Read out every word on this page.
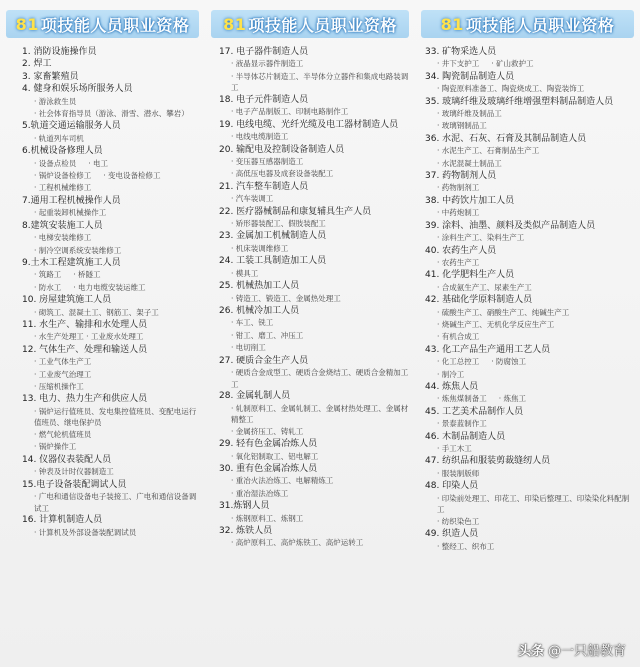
81 项技能人员职业资格
1. 消防设施操作员
2. 焊工
3. 家畜繁殖员
4. 健身和娱乐场所服务人员
· 游泳救生员
· 社会体育指导员（游泳、滑雪、潜水、攀岩）
5.轨道交通运输服务人员
· 轨道列车司机
6.机械设备修理人员
· 设备点检员 · 电工
· 锅炉设备检修工 · 变电设备检修工
· 工程机械维修工
7.通用工程机械操作人员
· 起重装卸机械操作工
8.建筑安装施工人员
· 电梯安装维修工
· 制冷空调系统安装维修工
9.土木工程建筑施工人员
· 筑路工 · 桥隧工
· 防水工 · 电力电缆安装运维工
10. 房屋建筑施工人员
· 砌筑工、混凝土工、钢筋工、架子工
11. 水生产、输排和水处理人员
· 水生产处理工 · 工业废水处理工
12. 气体生产、处理和输送人员
· 工业气体生产工
· 工业废气治理工
· 压缩机操作工
13. 电力、热力生产和供应人员
· 锅炉运行值班员、发电集控值班员、变配电运行值班员、继电保护员
· 燃气轮机值班员
· 锅炉操作工
14. 仪器仪表装配人员
· 钟表及计时仪器制造工
15.电子设备装配调试人员
· 广电和通信设备电子装接工、广电和通信设备调试工
16. 计算机制造人员
· 计算机及外部设备装配调试员
81 项技能人员职业资格
17. 电子器件制造人员
· 液晶显示器件制造工
· 半导体芯片制造工、半导体分立器件和集成电路装调工
18. 电子元件制造人员
· 电子产品制版工、印制电路制作工
19. 电线电缆、光纤光缆及电工器材制造人员
· 电线电缆制造工
20. 输配电及控制设备制造人员
· 变压器互感器制造工
· 高低压电器及成套设备装配工
21. 汽车整车制造人员
· 汽车装调工
22. 医疗器械制品和康复辅具生产人员
· 矫形器装配工、假肢装配工
23. 金属加工机械制造人员
· 机床装调维修工
24. 工装工具制造加工人员
· 模具工
25. 机械热加工人员
· 铸造工、锻造工、金属热处理工
26. 机械冷加工人员
· 车工、铣工
· 钳工、磨工、冲压工
· 电切削工
27. 硬质合金生产人员
· 硬质合金成型工、硬质合金烧结工、硬质合金精加工工
28. 金属轧制人员
· 轧制原料工、金属轧制工、金属材热处理工、金属材精整工
· 金属挤压工、铸轧工
29. 轻有色金属冶炼人员
· 氧化铝制取工、铝电解工
30. 重有色金属冶炼人员
· 重冶火法冶炼工、电解精炼工
· 重冶湿法冶炼工
31.炼钢人员
· 炼钢原料工、炼钢工
32. 炼铁人员
· 高炉原料工、高炉炼铁工、高炉运转工
81 项技能人员职业资格
33. 矿物采选人员
· 井下支护工 · 矿山救护工
34. 陶瓷制品制造人员
· 陶瓷原料准备工、陶瓷烧成工、陶瓷装饰工
35. 玻璃纤维及玻璃纤维增强塑料制品制造人员
· 玻璃纤维及制品工
· 玻璃钢制品工
36. 水泥、石灰、石膏及其制品制造人员
· 水泥生产工、石膏制品生产工
· 水泥混凝土制品工
37. 药物制剂人员
· 药物制剂工
38. 中药饮片加工人员
· 中药炮制工
39. 涂料、油墨、颜料及类似产品制造人员
· 涂料生产工、染料生产工
40. 农药生产人员
· 农药生产工
41. 化学肥料生产人员
· 合成氨生产工、尿素生产工
42. 基础化学原料制造人员
· 硫酸生产工、硝酸生产工、纯碱生产工
· 烧碱生产工、无机化学反应生产工
· 有机合成工
43. 化工产品生产通用工艺人员
· 化工总控工 · 防腐蚀工
· 制冷工
44. 炼焦人员
· 炼焦煤制备工 · 炼焦工
45. 工艺美术品制作人员
· 景泰蓝制作工
46. 木制品制造人员
· 手工木工
47. 纺织品和服装剪裁缝纫人员
· 服装制版师
48. 印染人员
· 印染前处理工、印花工、印染后整理工、印染染化料配制工
· 纺织染色工
49. 织造人员
· 整经工、织布工
头条 @一只船教育
